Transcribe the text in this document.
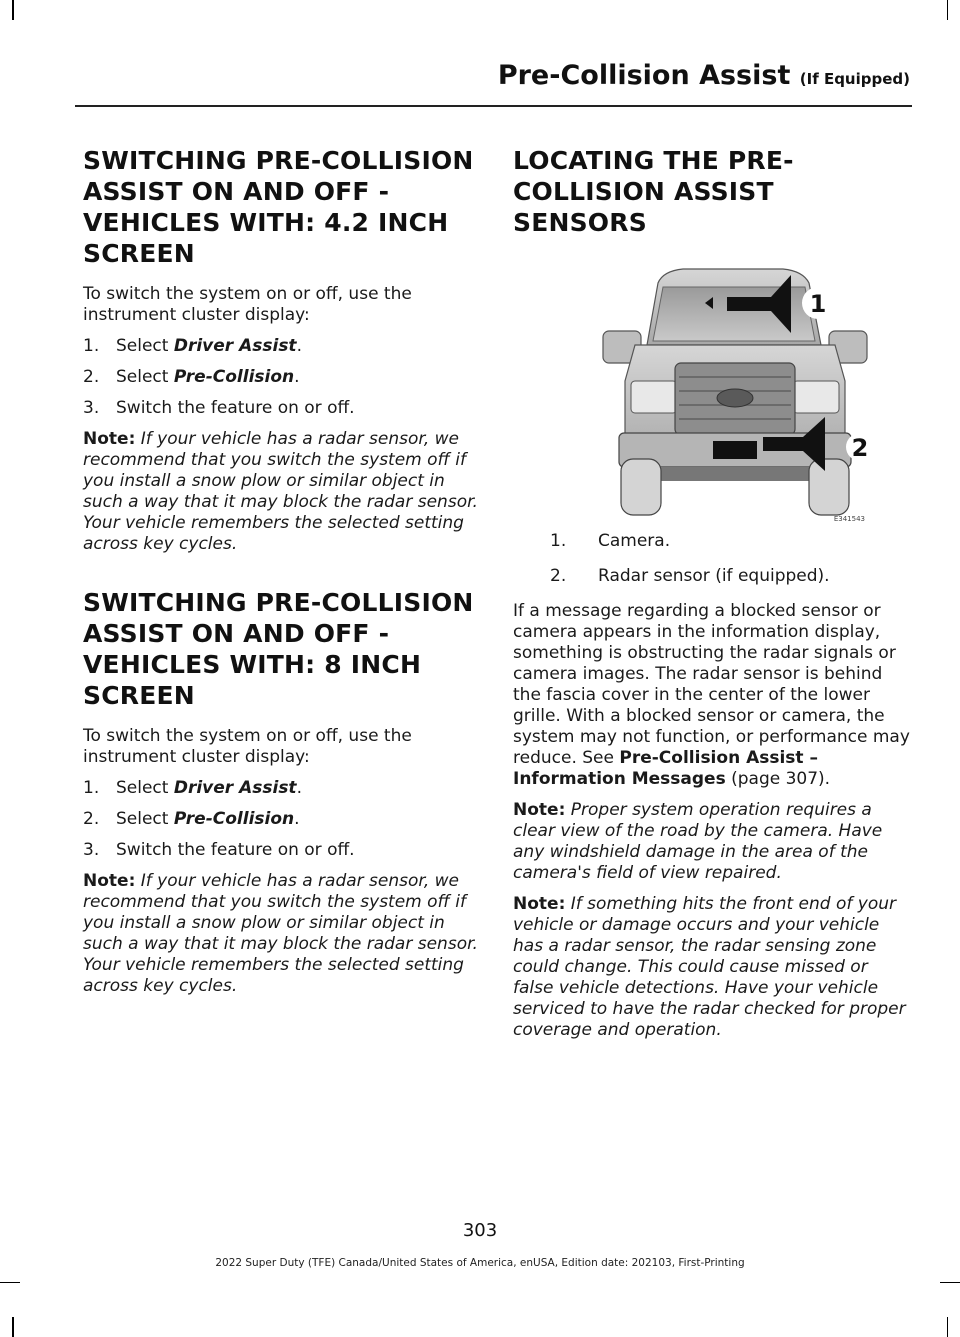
Pre-Collision Assist (If Equipped)
SWITCHING PRE-COLLISION ASSIST ON AND OFF - VEHICLES WITH: 4.2 INCH SCREEN

To switch the system on or off, use the instrument cluster display:

1. Select Driver Assist.
2. Select Pre-Collision.
3. Switch the feature on or off.

Note: If your vehicle has a radar sensor, we recommend that you switch the system off if you install a snow plow or similar object in such a way that it may block the radar sensor. Your vehicle remembers the selected setting across key cycles.

SWITCHING PRE-COLLISION ASSIST ON AND OFF - VEHICLES WITH: 8 INCH SCREEN

To switch the system on or off, use the instrument cluster display:

1. Select Driver Assist.
2. Select Pre-Collision.
3. Switch the feature on or off.

Note: If your vehicle has a radar sensor, we recommend that you switch the system off if you install a snow plow or similar object in such a way that it may block the radar sensor. Your vehicle remembers the selected setting across key cycles.

LOCATING THE PRE-COLLISION ASSIST SENSORS
1
2
E341543
1.	Camera.
2.	Radar sensor (if equipped).

If a message regarding a blocked sensor or camera appears in the information display, something is obstructing the radar signals or camera images. The radar sensor is behind the fascia cover in the center of the lower grille. With a blocked sensor or camera, the system may not function, or performance may reduce. See Pre-Collision Assist – Information Messages (page 307).

Note: Proper system operation requires a clear view of the road by the camera. Have any windshield damage in the area of the camera's field of view repaired.

Note: If something hits the front end of your vehicle or damage occurs and your vehicle has a radar sensor, the radar sensing zone could change. This could cause missed or false vehicle detections. Have your vehicle serviced to have the radar checked for proper coverage and operation.

303
2022 Super Duty (TFE) Canada/United States of America, enUSA, Edition date: 202103, First-Printing
